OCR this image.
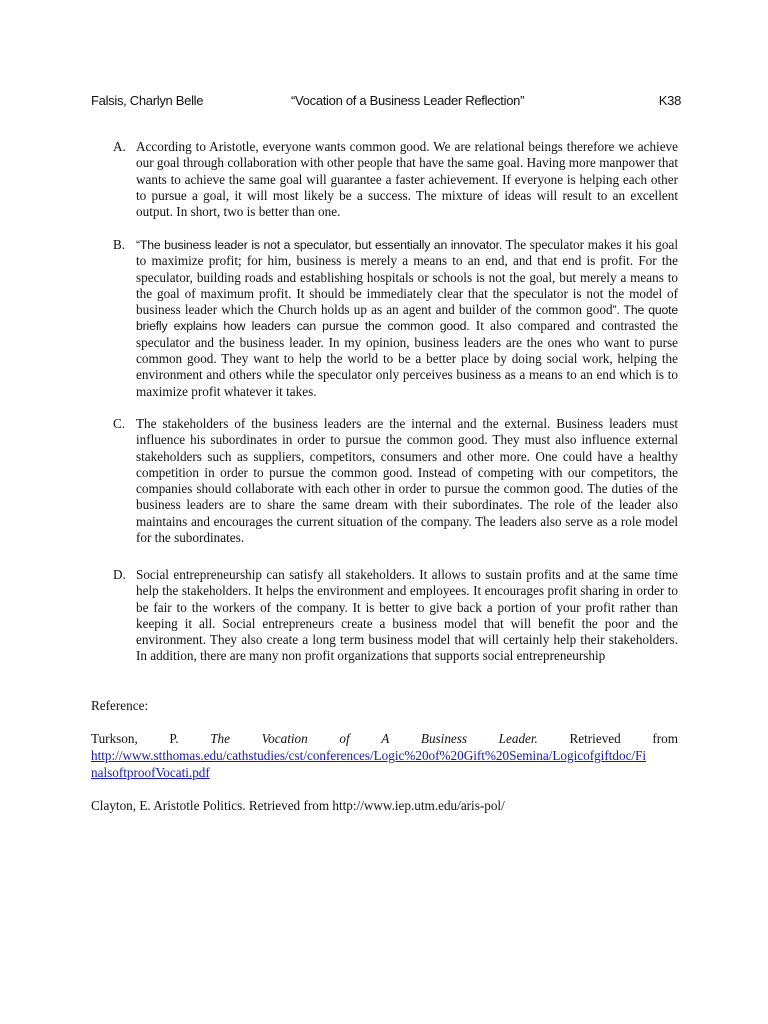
Falsis, Charlyn Belle	“Vocation of a Business Leader Reflection”	K38
A. According to Aristotle, everyone wants common good. We are relational beings therefore we achieve our goal through collaboration with other people that have the same goal. Having more manpower that wants to achieve the same goal will guarantee a faster achievement. If everyone is helping each other to pursue a goal, it will most likely be a success. The mixture of ideas will result to an excellent output. In short, two is better than one.
B. “The business leader is not a speculator, but essentially an innovator. The speculator makes it his goal to maximize profit; for him, business is merely a means to an end, and that end is profit. For the speculator, building roads and establishing hospitals or schools is not the goal, but merely a means to the goal of maximum profit. It should be immediately clear that the speculator is not the model of business leader which the Church holds up as an agent and builder of the common good”. The quote briefly explains how leaders can pursue the common good. It also compared and contrasted the speculator and the business leader. In my opinion, business leaders are the ones who want to purse common good. They want to help the world to be a better place by doing social work, helping the environment and others while the speculator only perceives business as a means to an end which is to maximize profit whatever it takes.
C. The stakeholders of the business leaders are the internal and the external. Business leaders must influence his subordinates in order to pursue the common good. They must also influence external stakeholders such as suppliers, competitors, consumers and other more. One could have a healthy competition in order to pursue the common good. Instead of competing with our competitors, the companies should collaborate with each other in order to pursue the common good. The duties of the business leaders are to share the same dream with their subordinates. The role of the leader also maintains and encourages the current situation of the company. The leaders also serve as a role model for the subordinates.
D. Social entrepreneurship can satisfy all stakeholders. It allows to sustain profits and at the same time help the stakeholders. It helps the environment and employees. It encourages profit sharing in order to be fair to the workers of the company. It is better to give back a portion of your profit rather than keeping it all. Social entrepreneurs create a business model that will benefit the poor and the environment. They also create a long term business model that will certainly help their stakeholders. In addition, there are many non profit organizations that supports social entrepreneurship
Reference:
Turkson, P. The Vocation of A Business Leader. Retrieved from
http://www.stthomas.edu/cathstudies/cst/conferences/Logic%20of%20Gift%20Semina/Logicofgiftdoc/Fi
nalsoftproofVocati.pdf
Clayton, E. Aristotle Politics. Retrieved from http://www.iep.utm.edu/aris-pol/
